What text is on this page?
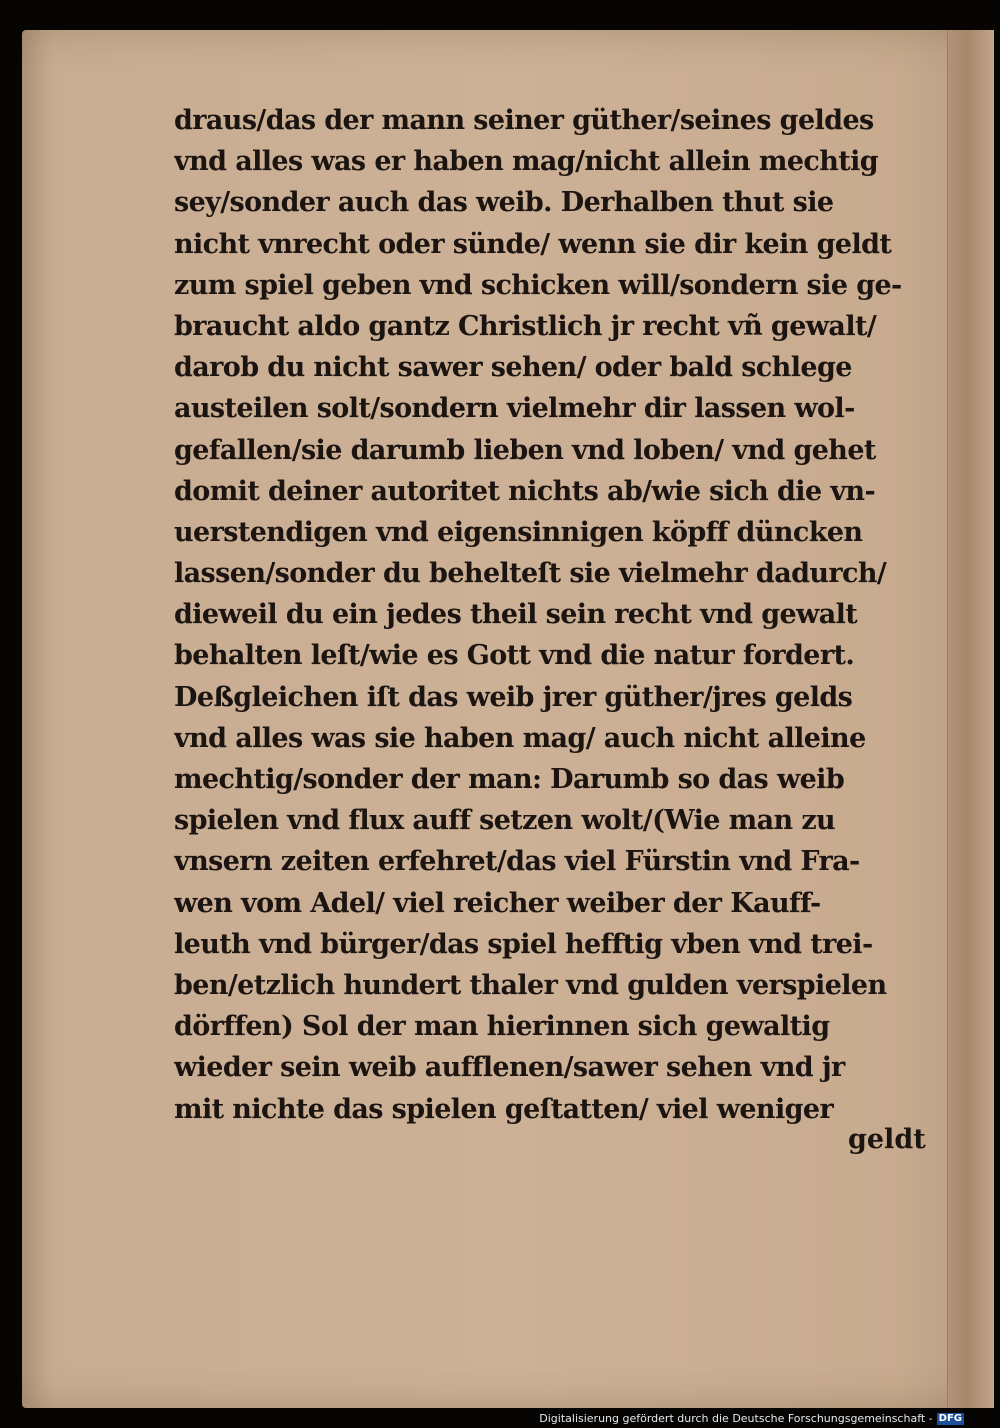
draus/das der mann seiner güther/seines geldes
vnd alles was er haben mag/nicht allein mechtig
sey/sonder auch das weib. Derhalben thut sie
nicht vnrecht oder sünde/ wenn sie dir kein geldt
zum spiel geben vnd schicken will/sondern sie ge-
braucht aldo gantz Christlich jr recht vñ gewalt/
darob du nicht sawer sehen/ oder bald schlege
austeilen solt/sondern vielmehr dir lassen wol-
gefallen/sie darumb lieben vnd loben/ vnd gehet
domit deiner autoritet nichts ab/wie sich die vn-
uerstendigen vnd eigensinnigen köpff düncken
lassen/sonder du behelteſt sie vielmehr dadurch/
dieweil du ein jedes theil sein recht vnd gewalt
behalten leſt/wie es Gott vnd die natur fordert.
Deßgleichen iſt das weib jrer güther/jres gelds
vnd alles was sie haben mag/ auch nicht alleine
mechtig/sonder der man: Darumb so das weib
spielen vnd flux auff setzen wolt/(Wie man zu
vnsern zeiten erfehret/das viel Fürstin vnd Fra-
wen vom Adel/ viel reicher weiber der Kauff-
leuth vnd bürger/das spiel hefftig vben vnd trei-
ben/etzlich hundert thaler vnd gulden verspielen
dörffen) Sol der man hierinnen sich gewaltig
wieder sein weib aufflenen/sawer sehen vnd jr
mit nichte das spielen geſtatten/ viel weniger
geldt
Digitalisierung gefördert durch die Deutsche Forschungsgemeinschaft - DFG
